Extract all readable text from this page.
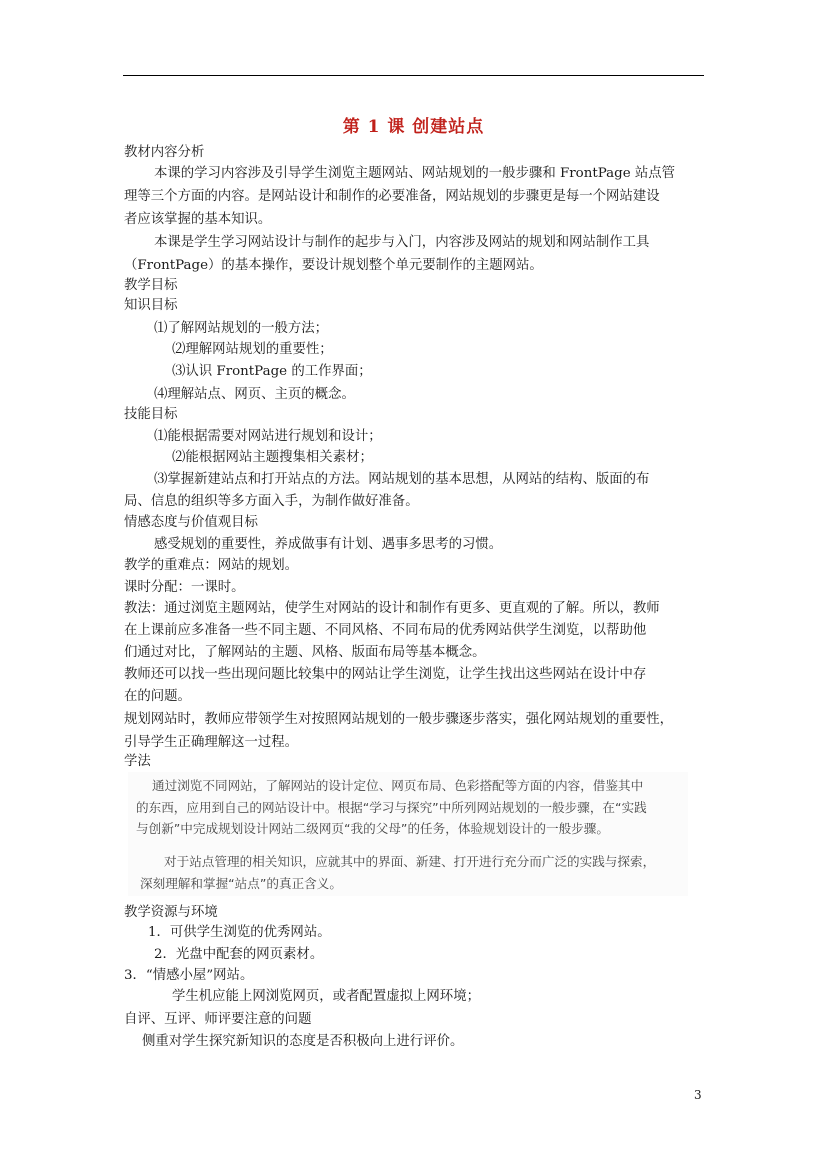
第 1 课 创建站点
教材内容分析
本课的学习内容涉及引导学生浏览主题网站、网站规划的一般步骤和 FrontPage 站点管
理等三个方面的内容。是网站设计和制作的必要准备，网站规划的步骤更是每一个网站建设
者应该掌握的基本知识。
本课是学生学习网站设计与制作的起步与入门，内容涉及网站的规划和网站制作工具
（FrontPage）的基本操作，要设计规划整个单元要制作的主题网站。
教学目标
知识目标
⑴了解网站规划的一般方法；
⑵理解网站规划的重要性；
⑶认识 FrontPage 的工作界面；
⑷理解站点、网页、主页的概念。
技能目标
⑴能根据需要对网站进行规划和设计；
⑵能根据网站主题搜集相关素材；
⑶掌握新建站点和打开站点的方法。网站规划的基本思想，从网站的结构、版面的布
局、信息的组织等多方面入手，为制作做好准备。
情感态度与价值观目标
感受规划的重要性，养成做事有计划、遇事多思考的习惯。
教学的重难点：网站的规划。
课时分配：一课时。
教法：通过浏览主题网站，使学生对网站的设计和制作有更多、更直观的了解。所以，教师
在上课前应多准备一些不同主题、不同风格、不同布局的优秀网站供学生浏览，以帮助他
们通过对比，了解网站的主题、风格、版面布局等基本概念。
教师还可以找一些出现问题比较集中的网站让学生浏览，让学生找出这些网站在设计中存
在的问题。
规划网站时，教师应带领学生对按照网站规划的一般步骤逐步落实，强化网站规划的重要性，
引导学生正确理解这一过程。
学法
通过浏览不同网站，了解网站的设计定位、网页布局、色彩搭配等方面的内容，借鉴其中
的东西，应用到自己的网站设计中。根据“学习与探究”中所列网站规划的一般步骤，在“实践
与创新”中完成规划设计网站二级网页“我的父母”的任务，体验规划设计的一般步骤。
对于站点管理的相关知识，应就其中的界面、新建、打开进行充分而广泛的实践与探索，
深刻理解和掌握“站点”的真正含义。
教学资源与环境
1．可供学生浏览的优秀网站。
2．光盘中配套的网页素材。
3．“情感小屋”网站。
学生机应能上网浏览网页，或者配置虚拟上网环境；
自评、互评、师评要注意的问题
侧重对学生探究新知识的态度是否积极向上进行评价。
3
